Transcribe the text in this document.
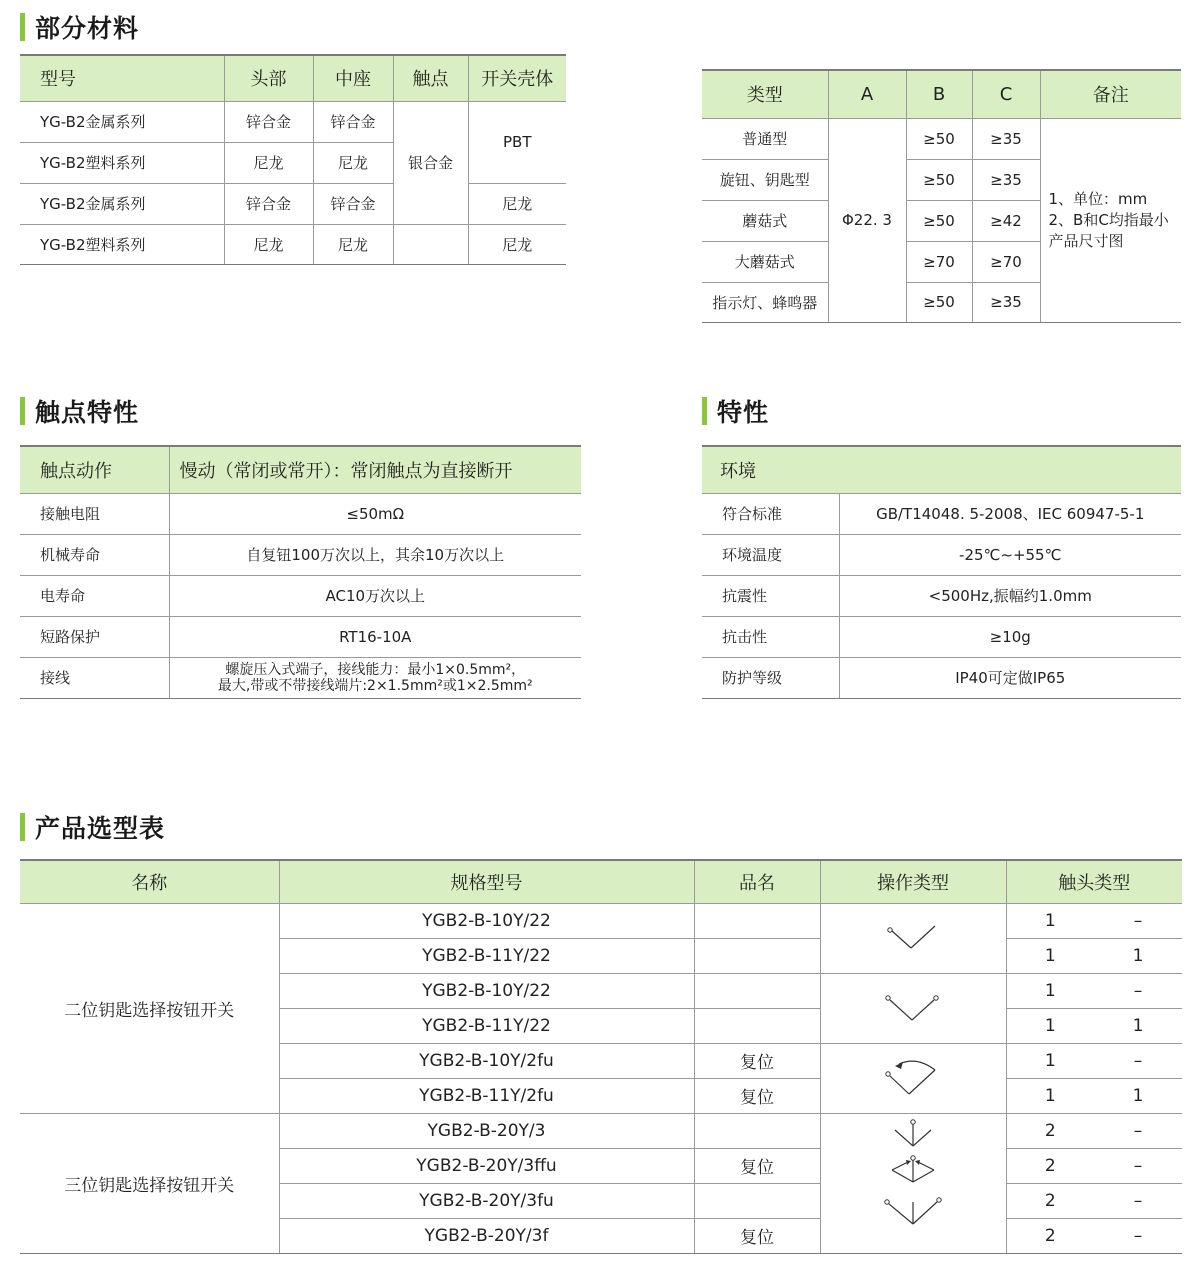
部分材料
型号	头部	中座	触点	开关壳体
YG-B2金属系列	锌合金	锌合金	银合金	PBT
YG-B2塑料系列	尼龙	尼龙		
YG-B2金属系列	锌合金	锌合金		尼龙
YG-B2塑料系列	尼龙	尼龙		尼龙
类型	A	B	C	备注
普通型	Φ22. 3	≥50	≥35	1、单位：mm
2、B和C均指最小
产品尺寸图

旋钮、钥匙型		≥50	≥35	
蘑菇式		≥50	≥42	
大蘑菇式		≥70	≥70	
指示灯、蜂鸣器		≥50	≥35	
触点特性
触点动作	慢动（常闭或常开）：常闭触点为直接断开
接触电阻	≤50mΩ
机械寿命	自复钮100万次以上，其余10万次以上
电寿命	AC10万次以上
短路保护	RT16-10A
接线	螺旋压入式端子，接线能力：最小1×0.5mm²，
最大,带或不带接线端片:2×1.5mm²或1×2.5mm²
特性
环境	
符合标准	GB/T14048. 5-2008、IEC 60947-5-1
环境温度	-25℃~+55℃
抗震性	<500Hz,振幅约1.0mm
抗击性	≥10g
防护等级	IP40可定做IP65
产品选型表
名称	规格型号	品名	操作类型	触头类型	
二位钥匙选择按钮开关	YGB2-B-10Y/22			1	–
	YGB2-B-11Y/22			1	1
	YGB2-B-10Y/22			1	–
	YGB2-B-11Y/22			1	1
	YGB2-B-10Y/2fu	复位		1	–
	YGB2-B-11Y/2fu	复位		1	1
三位钥匙选择按钮开关	YGB2-B-20Y/3			2	–
	YGB2-B-20Y/3ffu	复位		2	–
	YGB2-B-20Y/3fu			2	–
	YGB2-B-20Y/3f	复位		2	–
